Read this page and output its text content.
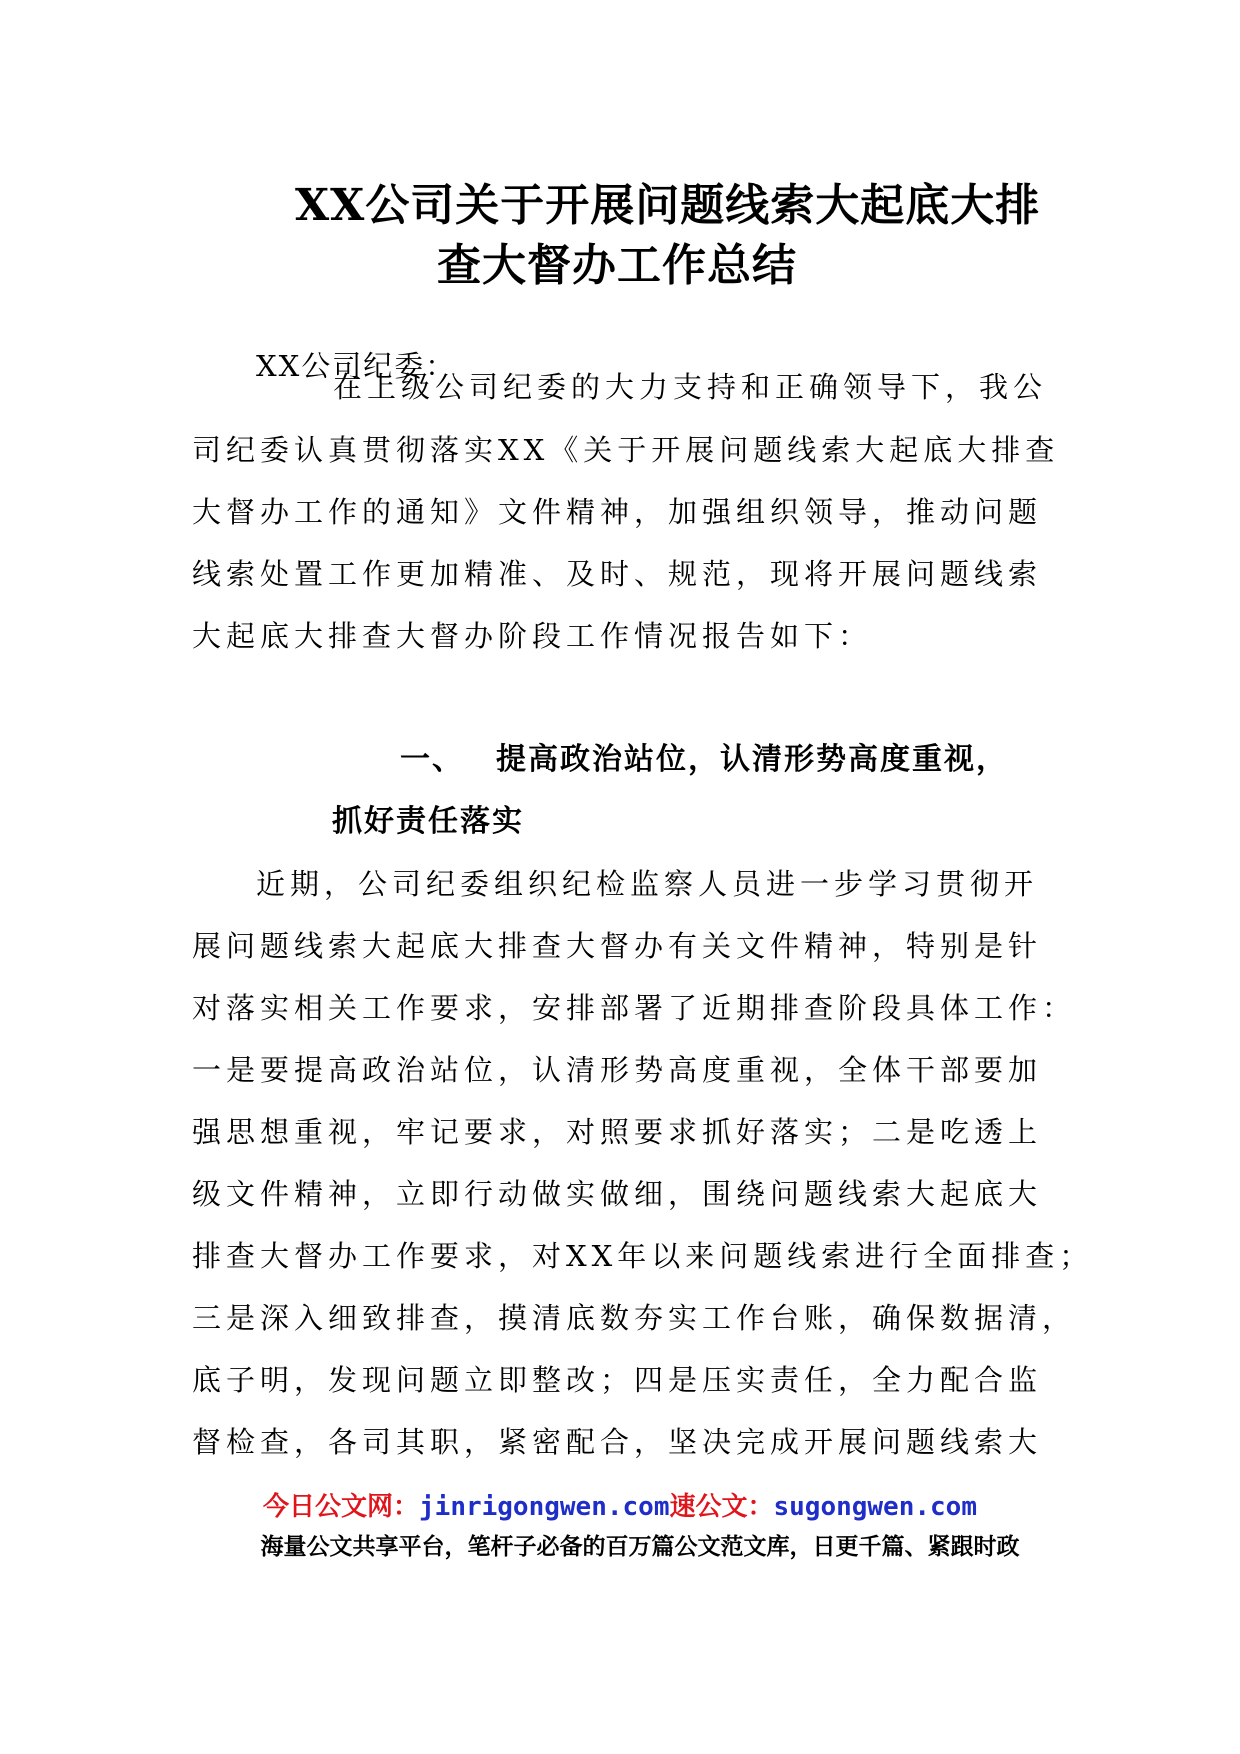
XX公司关于开展问题线索大起底大排
查大督办工作总结
XX公司纪委：
在上级公司纪委的大力支持和正确领导下，我公
司纪委认真贯彻落实XX《关于开展问题线索大起底大排查
大督办工作的通知》文件精神，加强组织领导，推动问题
线索处置工作更加精准、及时、规范，现将开展问题线索
大起底大排查大督办阶段工作情况报告如下：
一、 提高政治站位，认清形势高度重视，
抓好责任落实
近期，公司纪委组织纪检监察人员进一步学习贯彻开
展问题线索大起底大排查大督办有关文件精神，特别是针
对落实相关工作要求，安排部署了近期排查阶段具体工作：
一是要提高政治站位，认清形势高度重视，全体干部要加
强思想重视，牢记要求，对照要求抓好落实；二是吃透上
级文件精神，立即行动做实做细，围绕问题线索大起底大
排查大督办工作要求，对XX年以来问题线索进行全面排查；
三是深入细致排查，摸清底数夯实工作台账，确保数据清，
底子明，发现问题立即整改；四是压实责任，全力配合监
督检查，各司其职，紧密配合，坚决完成开展问题线索大
今日公文网：jinrigongwen.com速公文：sugongwen.com
海量公文共享平台，笔杆子必备的百万篇公文范文库，日更千篇、紧跟时政
